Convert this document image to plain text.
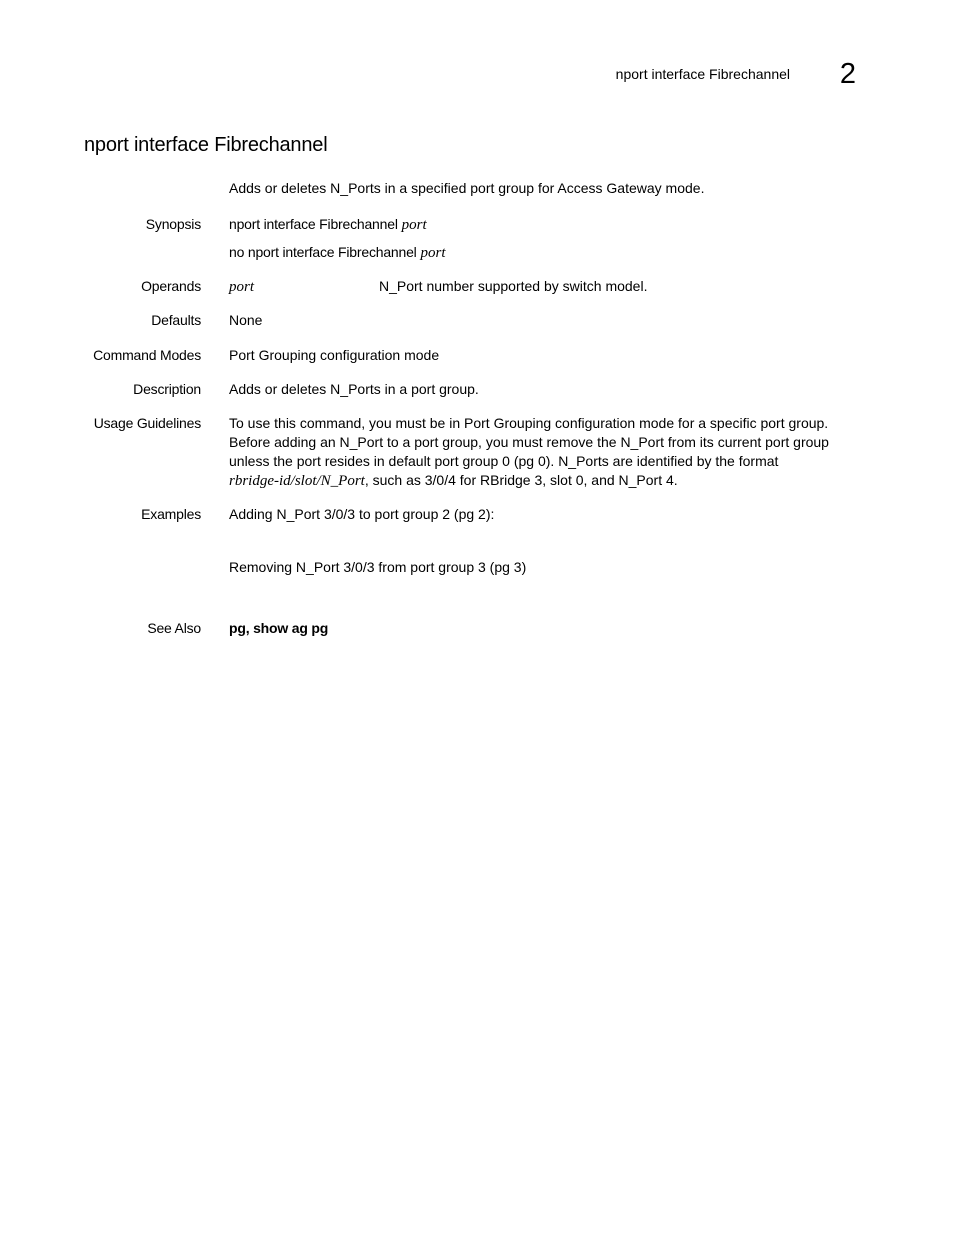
nport interface Fibrechannel 2
nport interface Fibrechannel
Adds or deletes N_Ports in a specified port group for Access Gateway mode.
Synopsis nport interface Fibrechannel port
no nport interface Fibrechannel port
Operands port	N_Port number supported by switch model.
Defaults None
Command Modes Port Grouping configuration mode
Description Adds or deletes N_Ports in a port group.
Usage Guidelines To use this command, you must be in Port Grouping configuration mode for a specific port group.
Before adding an N_Port to a port group, you must remove the N_Port from its current port group
unless the port resides in default port group 0 (pg 0). N_Ports are identified by the format
rbridge-id/slot/N_Port, such as 3/0/4 for RBridge 3, slot 0, and N_Port 4.
Examples Adding N_Port 3/0/3 to port group 2 (pg 2):
Removing N_Port 3/0/3 from port group 3 (pg 3)
See Also pg, show ag pg
